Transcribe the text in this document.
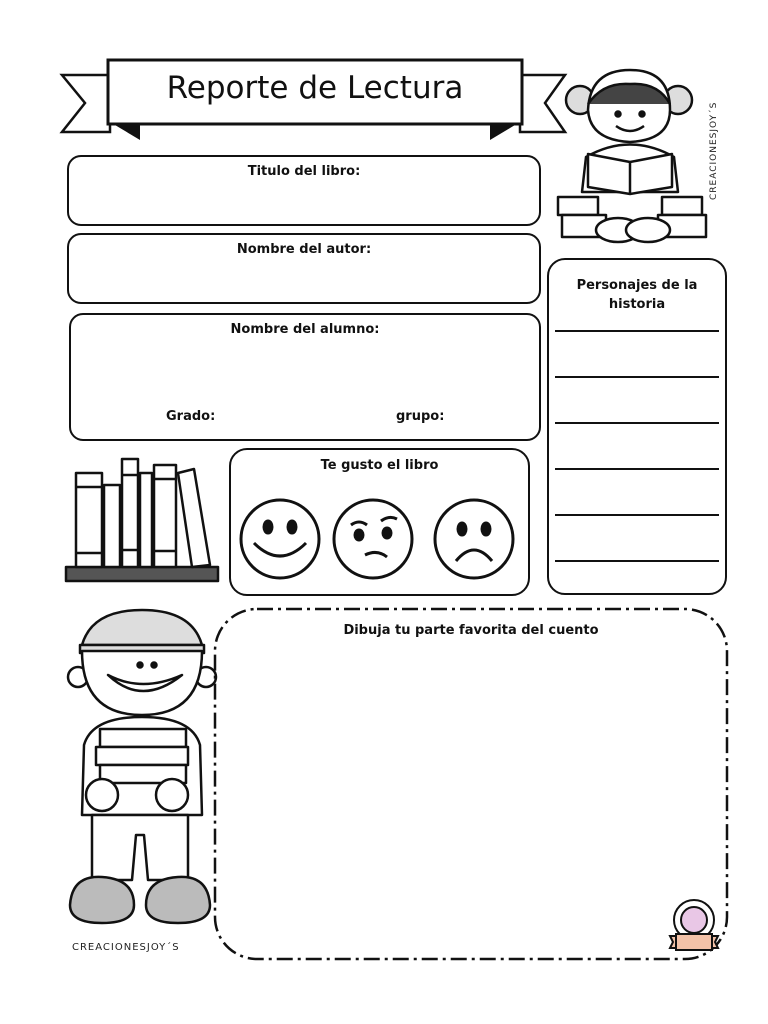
Reporte de Lectura
CREACIONESJOY´S
Titulo del libro:
Nombre del autor:
Nombre del alumno:
Grado:	grupo:
Personajes de la historia
Te gusto el libro
CREACIONESJOY´S
Dibuja tu parte favorita del cuento
